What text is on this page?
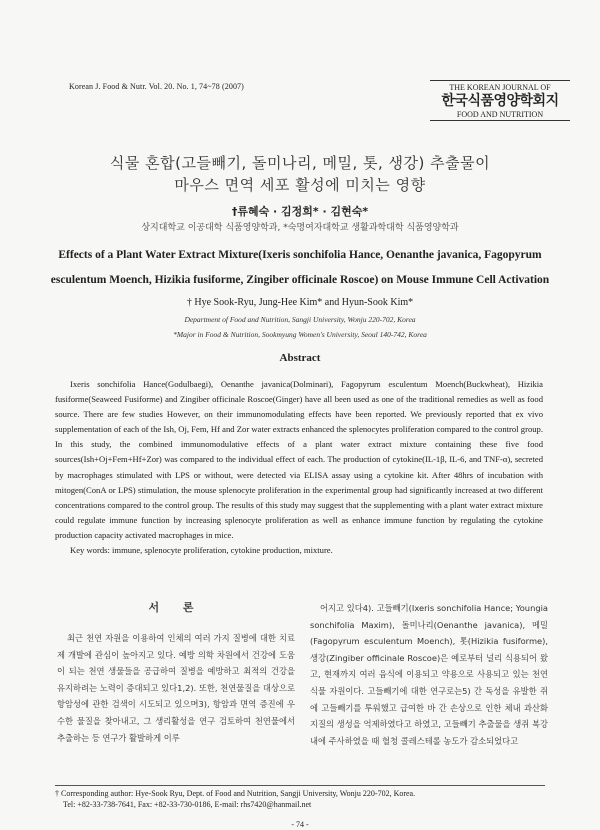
Korean J. Food & Nutr. Vol. 20. No. 1, 74~78 (2007)	THE KOREAN JOURNAL OF
한국식품영양학회지
FOOD AND NUTRITION
식물 혼합(고들빼기, 돌미나리, 메밀, 톳, 생강) 추출물이
마우스 면역 세포 활성에 미치는 영향
†류혜숙 · 김정희* · 김현숙*
상지대학교 이공대학 식품영양학과, *숙명여자대학교 생활과학대학 식품영양학과
Effects of a Plant Water Extract Mixture(Ixeris sonchifolia Hance, Oenanthe javanica, Fagopyrum
esculentum Moench, Hizikia fusiforme, Zingiber officinale Roscoe) on Mouse Immune Cell Activation
† Hye Sook-Ryu, Jung-Hee Kim* and Hyun-Sook Kim*
Department of Food and Nutrition, Sangji University, Wonju 220-702, Korea
*Major in Food & Nutrition, Sookmyung Women's University, Seoul 140-742, Korea
Abstract

Ixeris sonchifolia Hance(Godulbaegi), Oenanthe javanica(Dolminari), Fagopyrum esculentum Moench(Buckwheat), Hizikia fusiforme(Seaweed Fusiforme) and Zingiber officinale Roscoe(Ginger) have all been used as one of the traditional remedies as well as food source. There are few studies However, on their immunomodulating effects have been reported. We previously reported that ex vivo supplementation of each of the Ish, Oj, Fem, Hf and Zor water extracts enhanced the splenocytes proliferation compared to the control group. In this study, the combined immunomodulative effects of a plant water extract mixture containing these five food sources(Ish+Oj+Fem+Hf+Zor) was compared to the individual effect of each. The production of cytokine(IL-1β, IL-6, and TNF-α), secreted by macrophages stimulated with LPS or without, were detected via ELISA assay using a cytokine kit. After 48hrs of incubation with mitogen(ConA or LPS) stimulation, the mouse splenocyte proliferation in the experimental group had significantly increased at two different concentrations compared to the control group. The results of this study may suggest that the supplementing with a plant water extract mixture could regulate immune function by increasing splenocyte proliferation as well as enhance immune function by regulating the cytokine production capacity activated macrophages in mice.

Key words: immune, splenocyte proliferation, cytokine production, mixture.

서 론

최근 천연 자원을 이용하여 인체의 여러 가지 질병에 대한 치료제 개발에 관심이 높아지고 있다. 예방 의학 차원에서 건강에 도움이 되는 천연 생물들을 공급하여 질병을 예방하고 최적의 건강을 유지하려는 노력이 증대되고 있다1,2). 또한, 천연물질을 대상으로 항암성에 관한 검색이 시도되고 있으며3), 항암과 면역 증진에 우수한 물질을 찾아내고, 그 생리활성을 연구 검토하여 천연물에서 추출하는 등 연구가 활발하게 이루

어지고 있다4). 고들빼기(Ixeris sonchifolia Hance; Youngia sonchifolia Maxim), 돌미나리(Oenanthe javanica), 메밀(Fagopyrum esculentum Moench), 톳(Hizikia fusiforme), 생강(Zingiber officinale Roscoe)은 예로부터 널리 식용되어 왔고, 현재까지 여러 음식에 이용되고 약용으로 사용되고 있는 천연 식물 자원이다. 고들빼기에 대한 연구로는5) 간 독성을 유발한 쥐에 고들빼기를 투워했고 급여한 바 간 손상으로 인한 체내 과산화 지질의 생성을 억제하였다고 하였고, 고들빼기 추출물을 생쥐 복강내에 주사하였을 때 혈청 콜레스테롤 농도가 감소되었다고

† Corresponding author: Hye-Sook Ryu, Dept. of Food and Nutrition, Sangji University, Wonju 220-702, Korea.
Tel: +82-33-738-7641, Fax: +82-33-730-0186, E-mail: rhs7420@hanmail.net
- 74 -
